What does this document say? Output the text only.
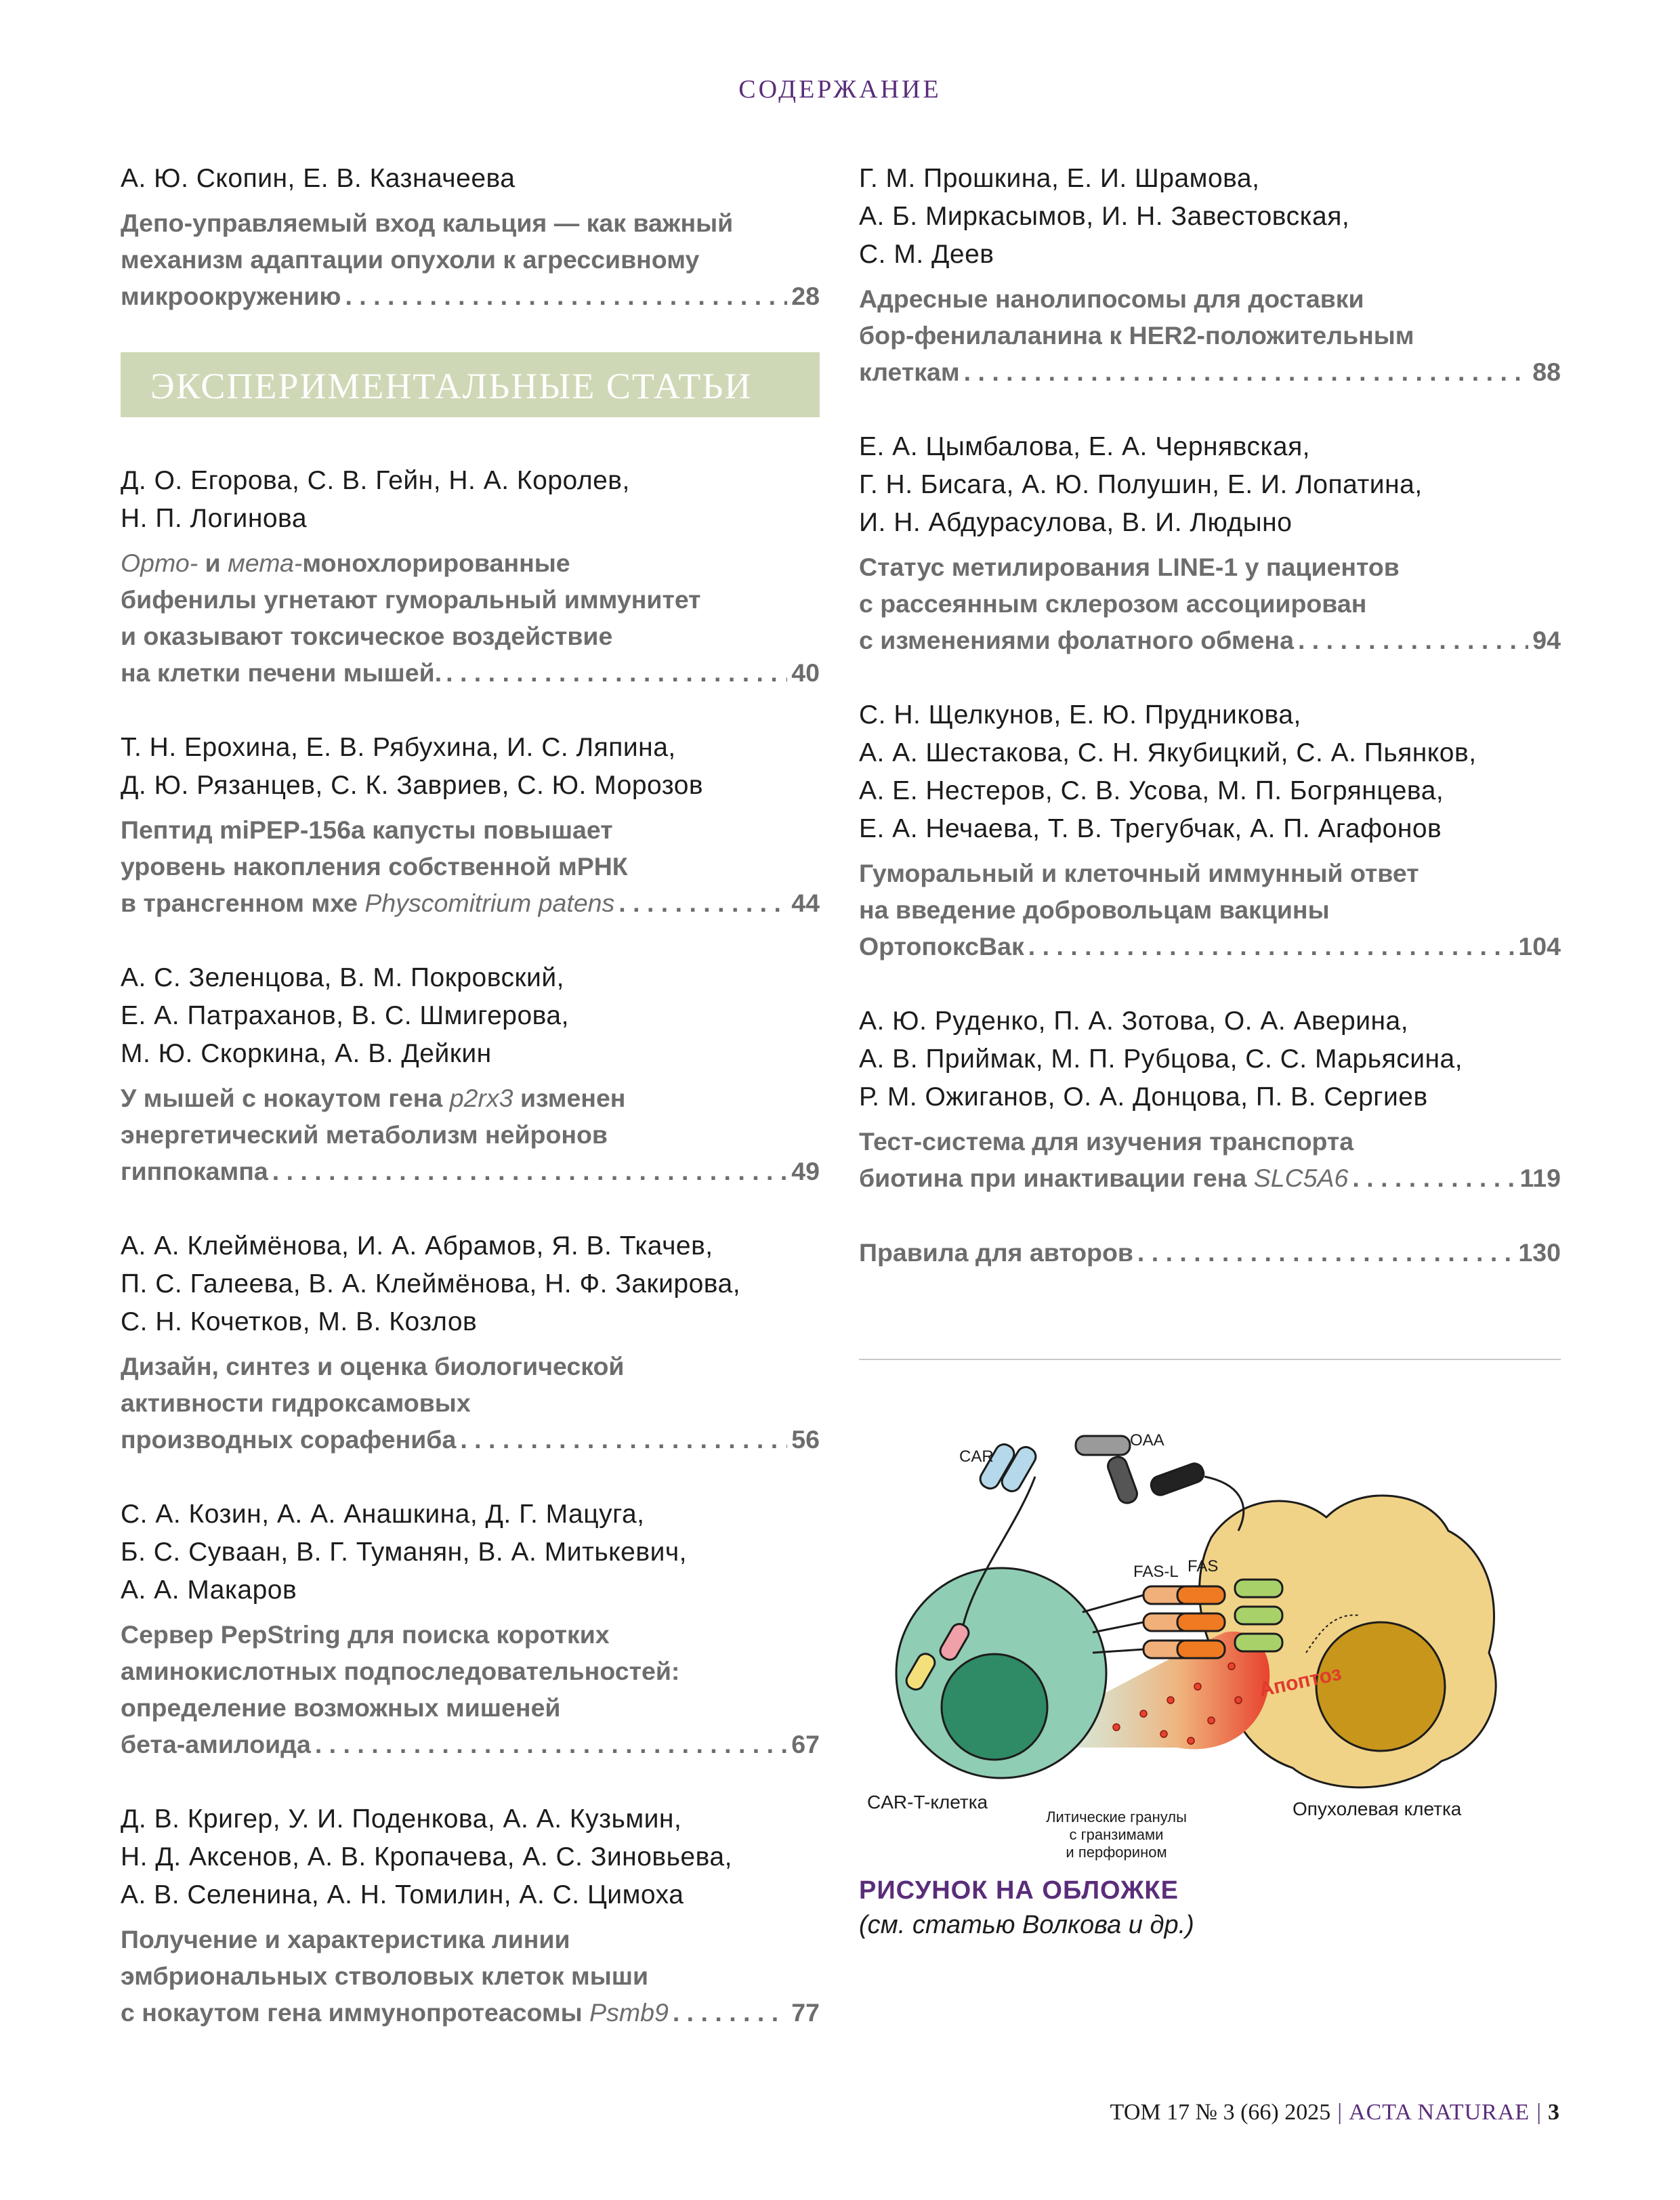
СОДЕРЖАНИЕ
А. Ю. Скопин, Е. В. Казначеева
Депо-управляемый вход кальция — как важный
механизм адаптации опухоли к агрессивному
микроокружению . . .	28
ЭКСПЕРИМЕНТАЛЬНЫЕ СТАТЬИ
Д. О. Егорова, С. В. Гейн, Н. А. Королев,
Н. П. Логинова
Орто- и мета-монохлорированные
бифенилы угнетают гуморальный иммунитет
и оказывают токсическое воздействие
на клетки печени мышей. . . .	40
Т. Н. Ерохина, Е. В. Рябухина, И. С. Ляпина,
Д. Ю. Рязанцев, С. К. Завриев, С. Ю. Морозов
Пептид miPEP-156a капусты повышает
уровень накопления собственной мРНК
в трансгенном мхе Physcomitrium patens . . .	44
А. С. Зеленцова, В. М. Покровский,
Е. А. Патраханов, В. С. Шмигерова,
М. Ю. Скоркина, А. В. Дейкин
У мышей с нокаутом гена p2rx3 изменен
энергетический метаболизм нейронов
гиппокампа . . .	49
А. А. Клеймёнова, И. А. Абрамов, Я. В. Ткачев,
П. С. Галеева, В. А. Клеймёнова, Н. Ф. Закирова,
С. Н. Кочетков, М. В. Козлов
Дизайн, синтез и оценка биологической
активности гидроксамовых
производных сорафениба . . .	56
С. А. Козин, А. А. Анашкина, Д. Г. Мацуга,
Б. С. Сувaан, В. Г. Туманян, В. А. Митькевич,
А. А. Макаров
Сервер PepString для поиска коротких
аминокислотных подпоследовательностей:
определение возможных мишеней
бета-амилоида . . .	67
Д. В. Кригер, У. И. Поденкова, А. А. Кузьмин,
Н. Д. Аксенов, А. В. Кропачева, А. С. Зиновьева,
А. В. Селенина, А. Н. Томилин, А. С. Цимоха
Получение и характеристика линии
эмбриональных стволовых клеток мыши
с нокаутом гена иммунопротеасомы Psmb9 . . .	77
Г. М. Прошкина, Е. И. Шрамова,
А. Б. Миркасымов, И. Н. Завестовская,
С. М. Деев
Адресные нанолипосомы для доставки
бор-фенилаланина к HER2-положительным
клеткам . . .	88
Е. А. Цымбалова, Е. А. Чернявская,
Г. Н. Бисага, А. Ю. Полушин, Е. И. Лопатина,
И. Н. Абдурасулова, В. И. Людыно
Статус метилирования LINE-1 у пациентов
с рассеянным склерозом ассоциирован
с изменениями фолатного обмена . . .	94
С. Н. Щелкунов, Е. Ю. Прудникова,
А. А. Шестакова, С. Н. Якубицкий, С. А. Пьянков,
А. Е. Нестеров, С. В. Усова, М. П. Богрянцева,
Е. А. Нечаева, Т. В. Трегубчак, А. П. Агафонов
Гуморальный и клеточный иммунный ответ
на введение добровольцам вакцины
ОртопоксВак . . .	104
А. Ю. Руденко, П. А. Зотова, О. А. Аверина,
А. В. Приймак, М. П. Рубцова, С. С. Марьясина,
Р. М. Ожиганов, О. А. Донцова, П. В. Сергиев
Тест-система для изучения транспорта
биотина при инактивации гена SLC5A6 . . .	119
Правила для авторов . . .	130
CAR
OAA
FAS-L FAS
Апоптоз
CAR-T-клетка	Опухолевая клетка
Литические гранулы
с гранзимами
и перфорином
РИСУНОК НА ОБЛОЖКЕ
(см. статью Волкова и др.)
ТОМ 17 № 3 (66) 2025 | ACTA NATURAE | 3
